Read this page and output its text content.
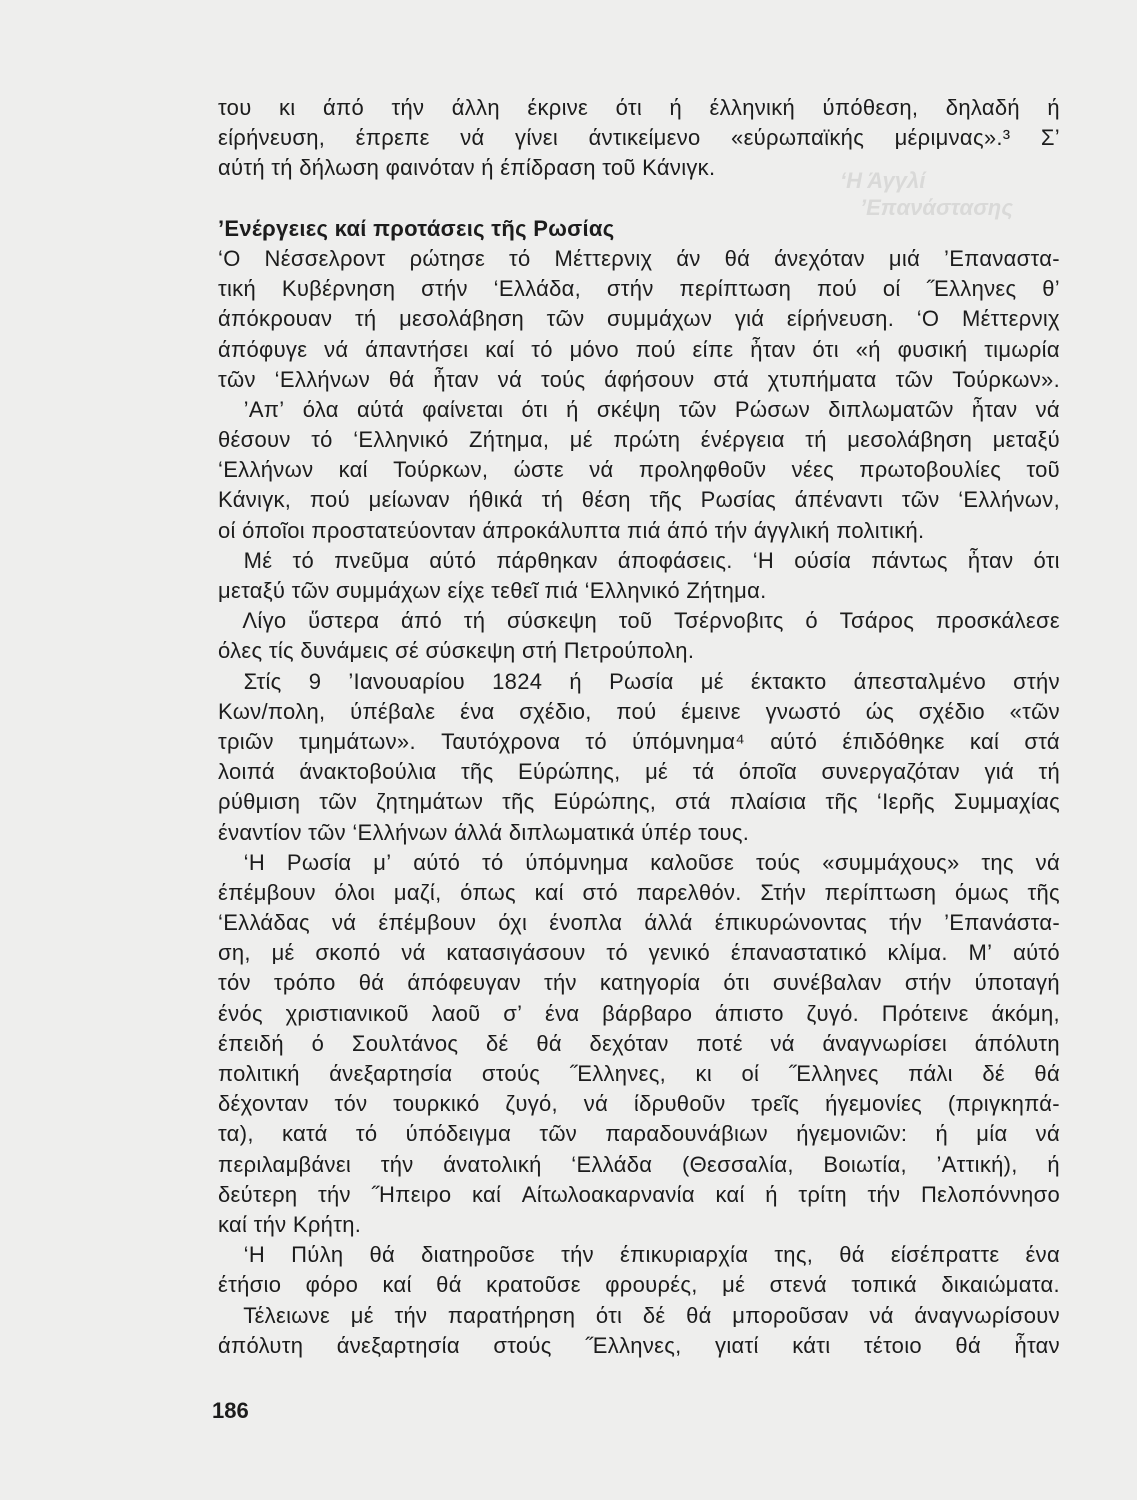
‘Η Άγγλί
’Επανάστασης
του κι άπό τήν άλλη έκρινε ότι ή έλληνική ύπόθεση, δηλαδή ή
είρήνευση, έπρεπε νά γίνει άντικείμενο «εύρωπαϊκής μέριμνας».³ Σ’
αύτή τή δήλωση φαινόταν ή έπίδραση τοῦ Κάνιγκ.
’Ενέργειες καί προτάσεις τῆς Ρωσίας
‘Ο Νέσσελροντ ρώτησε τό Μέττερνιχ άν θά άνεχόταν μιά ’Επαναστα-
τική Κυβέρνηση στήν ‘Ελλάδα, στήν περίπτωση πού οί ˝Ελληνες θ’
άπόκρουαν τή μεσολάβηση τῶν συμμάχων γιά είρήνευση. ‘Ο Μέττερνιχ
άπόφυγε νά άπαντήσει καί τό μόνο πού είπε ἦταν ότι «ή φυσική τιμωρία
τῶν ‘Ελλήνων θά ἦταν νά τούς άφήσουν στά χτυπήματα τῶν Τούρκων».
’Απ’ όλα αύτά φαίνεται ότι ή σκέψη τῶν Ρώσων διπλωματῶν ἦταν νά
θέσουν τό ‘Ελληνικό Ζήτημα, μέ πρώτη ένέργεια τή μεσολάβηση μεταξύ
‘Ελλήνων καί Τούρκων, ώστε νά προληφθοῦν νέες πρωτοβουλίες τοῦ
Κάνιγκ, πού μείωναν ήθικά τή θέση τῆς Ρωσίας άπέναντι τῶν ‘Ελλήνων,
οί όποῖοι προστατεύονταν άπροκάλυπτα πιά άπό τήν άγγλική πολιτική.
Μέ τό πνεῦμα αύτό πάρθηκαν άποφάσεις. ‘Η ούσία πάντως ἦταν ότι
μεταξύ τῶν συμμάχων είχε τεθεῖ πιά ‘Ελληνικό Ζήτημα.
Λίγο ὕστερα άπό τή σύσκεψη τοῦ Τσέρνοβιτς ό Τσάρος προσκάλεσε
όλες τίς δυνάμεις σέ σύσκεψη στή Πετρούπολη.
Στίς 9 ’Ιανουαρίου 1824 ή Ρωσία μέ έκτακτο άπεσταλμένο στήν
Κων/πολη, ύπέβαλε ένα σχέδιο, πού έμεινε γνωστό ώς σχέδιο «τῶν
τριῶν τμημάτων». Ταυτόχρονα τό ύπόμνημα⁴ αύτό έπιδόθηκε καί στά
λοιπά άνακτοβούλια τῆς Εύρώπης, μέ τά όποῖα συνεργαζόταν γιά τή
ρύθμιση τῶν ζητημάτων τῆς Εύρώπης, στά πλαίσια τῆς ‘Ιερῆς Συμμαχίας
έναντίον τῶν ‘Ελλήνων άλλά διπλωματικά ύπέρ τους.
‘Η Ρωσία μ’ αύτό τό ύπόμνημα καλοῦσε τούς «συμμάχους» της νά
έπέμβουν όλοι μαζί, όπως καί στό παρελθόν. Στήν περίπτωση όμως τῆς
‘Ελλάδας νά έπέμβουν όχι ένοπλα άλλά έπικυρώνοντας τήν ’Επανάστα-
ση, μέ σκοπό νά κατασιγάσουν τό γενικό έπαναστατικό κλίμα. Μ’ αύτό
τόν τρόπο θά άπόφευγαν τήν κατηγορία ότι συνέβαλαν στήν ύποταγή
ένός χριστιανικοῦ λαοῦ σ’ ένα βάρβαρο άπιστο ζυγό. Πρότεινε άκόμη,
έπειδή ό Σουλτάνος δέ θά δεχόταν ποτέ νά άναγνωρίσει άπόλυτη
πολιτική άνεξαρτησία στούς ˝Ελληνες, κι οί ˝Ελληνες πάλι δέ θά
δέχονταν τόν τουρκικό ζυγό, νά ίδρυθοῦν τρεῖς ήγεμονίες (πριγκηπά-
τα), κατά τό ύπόδειγμα τῶν παραδουνάβιων ήγεμονιῶν: ή μία νά
περιλαμβάνει τήν άνατολική ‘Ελλάδα (Θεσσαλία, Βοιωτία, ’Αττική), ή
δεύτερη τήν ˝Ηπειρο καί Αίτωλοακαρνανία καί ή τρίτη τήν Πελοπόννησο
καί τήν Κρήτη.
‘Η Πύλη θά διατηροῦσε τήν έπικυριαρχία της, θά είσέπραττε ένα
έτήσιο φόρο καί θά κρατοῦσε φρουρές, μέ στενά τοπικά δικαιώματα.
Τέλειωνε μέ τήν παρατήρηση ότι δέ θά μποροῦσαν νά άναγνωρίσουν
άπόλυτη άνεξαρτησία στούς ˝Ελληνες, γιατί κάτι τέτοιο θά ἦταν
186
